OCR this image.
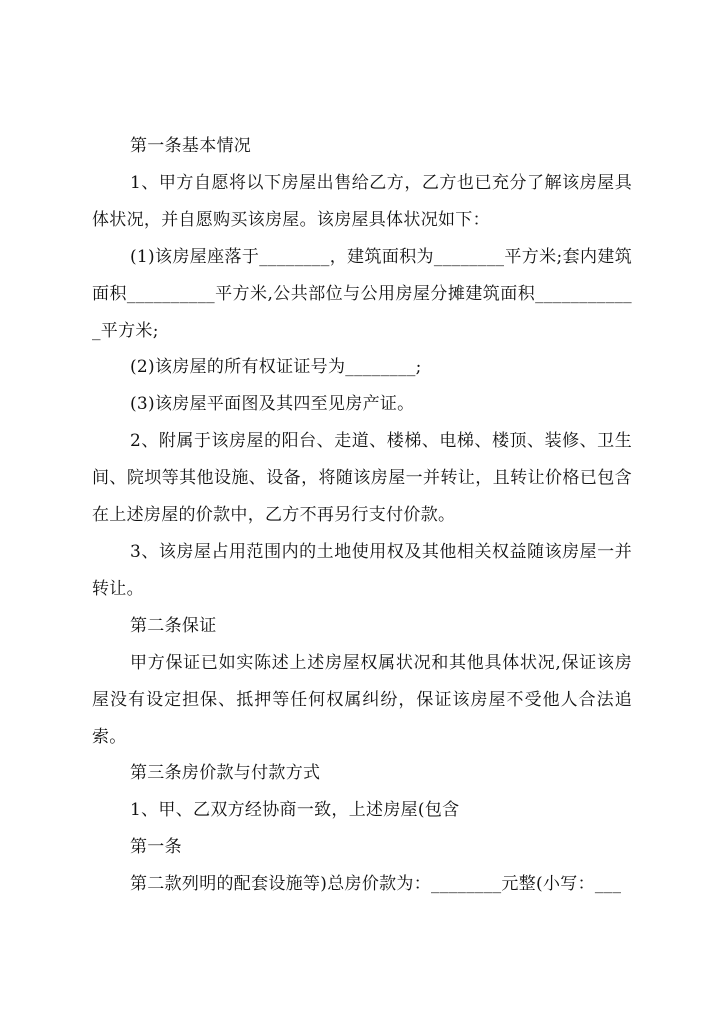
第一条基本情况

1、甲方自愿将以下房屋出售给乙方，乙方也已充分了解该房屋具体状况，并自愿购买该房屋。该房屋具体状况如下：

(1)该房屋座落于________，建筑面积为________平方米;套内建筑面积__________平方米,公共部位与公用房屋分摊建筑面积____________平方米;

(2)该房屋的所有权证证号为________;

(3)该房屋平面图及其四至见房产证。

2、附属于该房屋的阳台、走道、楼梯、电梯、楼顶、装修、卫生间、院坝等其他设施、设备，将随该房屋一并转让，且转让价格已包含在上述房屋的价款中，乙方不再另行支付价款。

3、该房屋占用范围内的土地使用权及其他相关权益随该房屋一并转让。

第二条保证

甲方保证已如实陈述上述房屋权属状况和其他具体状况,保证该房屋没有设定担保、抵押等任何权属纠纷，保证该房屋不受他人合法追索。

第三条房价款与付款方式

1、甲、乙双方经协商一致，上述房屋(包含

第一条

第二款列明的配套设施等)总房价款为：________元整(小写：___
